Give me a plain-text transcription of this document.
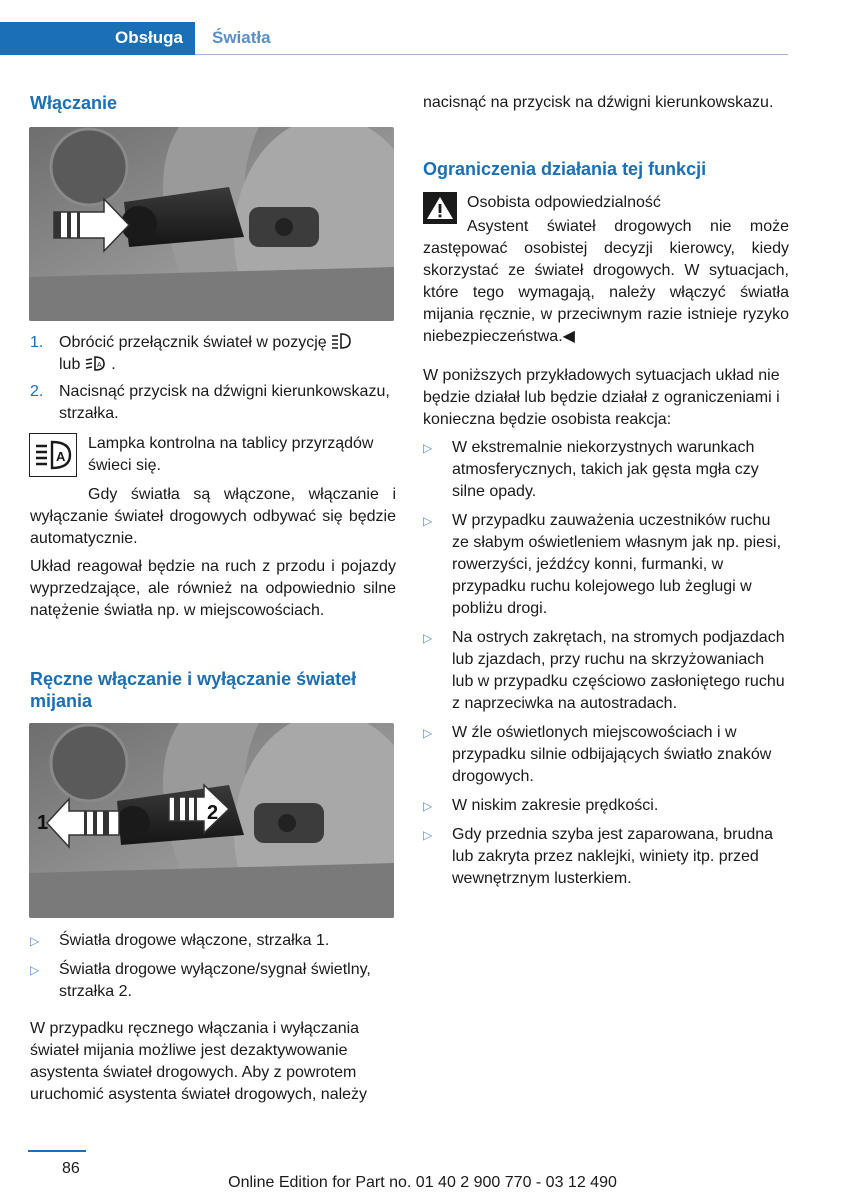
Obsługa Światła
Włączanie
1. Obrócić przełącznik świateł w pozycję
lub A .
2. Nacisnąć przycisk na dźwigni kierunkowskazu, strzałka.
A

Lampka kontrolna na tablicy przyrządów świeci się.

Gdy światła są włączone, włączanie i wyłączanie świateł drogowych odbywać się będzie automatycznie.

Układ reagował będzie na ruch z przodu i pojazdy wyprzedzające, ale również na odpowiednio silne natężenie światła np. w miejscowościach.

Ręczne włączanie i wyłączanie świateł mijania
1	2
▷ Światła drogowe włączone, strzałka 1.
▷ Światła drogowe wyłączone/sygnał świetlny, strzałka 2.

W przypadku ręcznego włączania i wyłączania świateł mijania możliwe jest dezaktywowanie asystenta świateł drogowych. Aby z powrotem uruchomić asystenta świateł drogowych, należy

nacisnąć na przycisk na dźwigni kierunkowskazu.

Ograniczenia działania tej funkcji

Osobista odpowiedzialność

Asystent świateł drogowych nie może zastępować osobistej decyzji kierowcy, kiedy skorzystać ze świateł drogowych. W sytuacjach, które tego wymagają, należy włączyć światła mijania ręcznie, w przeciwnym razie istnieje ryzyko niebezpieczeństwa.◀

W poniższych przykładowych sytuacjach układ nie będzie działał lub będzie działał z ograniczeniami i konieczna będzie osobista reakcja:

▷ W ekstremalnie niekorzystnych warunkach atmosferycznych, takich jak gęsta mgła czy silne opady.
▷ W przypadku zauważenia uczestników ruchu ze słabym oświetleniem własnym jak np. piesi, rowerzyści, jeźdźcy konni, furmanki, w przypadku ruchu kolejowego lub żeglugi w pobliżu drogi.
▷ Na ostrych zakrętach, na stromych podjazdach lub zjazdach, przy ruchu na skrzyżowaniach lub w przypadku częściowo zasłoniętego ruchu z naprzeciwka na autostradach.
▷ W źle oświetlonych miejscowościach i w przypadku silnie odbijających światło znaków drogowych.
▷ W niskim zakresie prędkości.
▷ Gdy przednia szyba jest zaparowana, brudna lub zakryta przez naklejki, winiety itp. przed wewnętrznym lusterkiem.
86
Online Edition for Part no. 01 40 2 900 770 - 03 12 490
